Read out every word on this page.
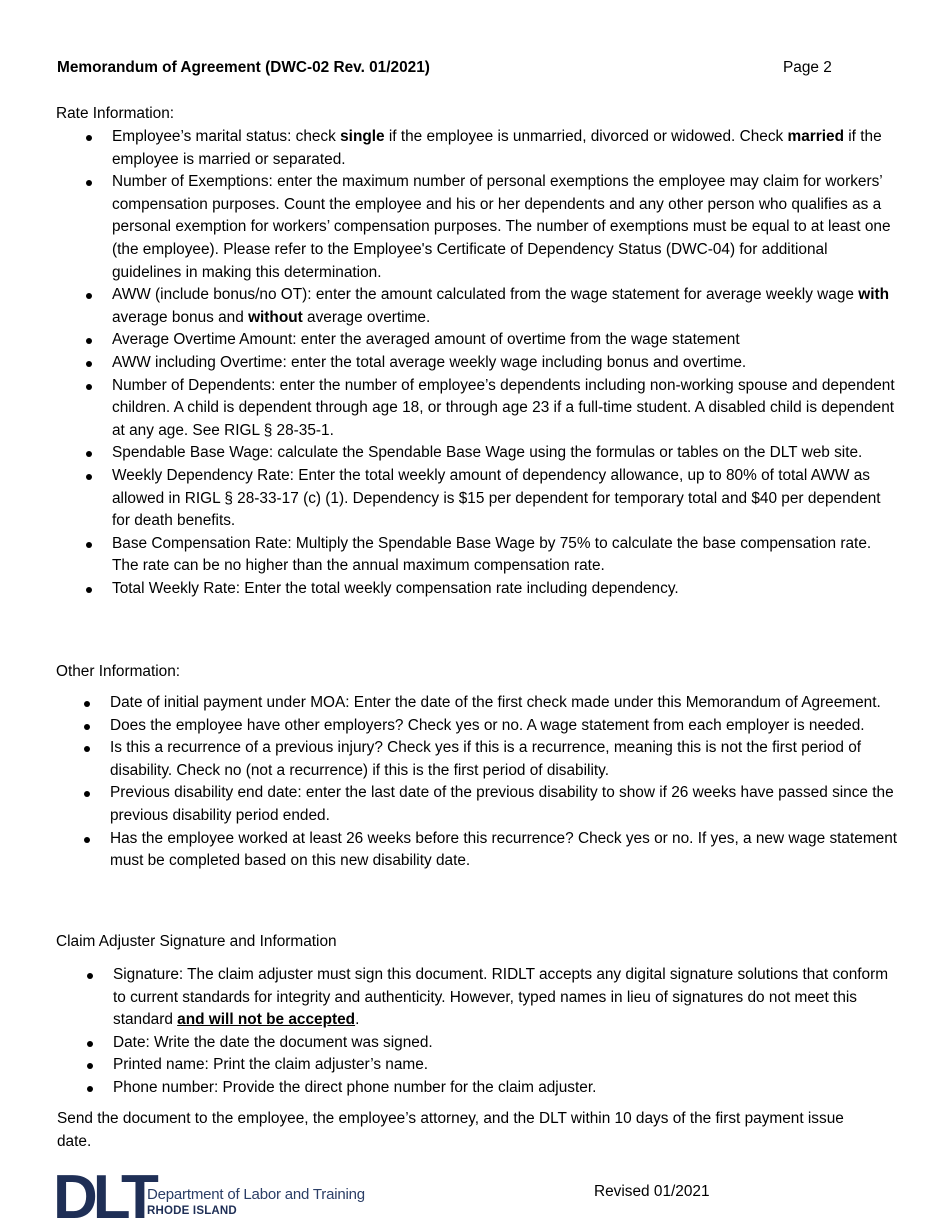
Memorandum of Agreement (DWC-02 Rev. 01/2021)	Page 2
Rate Information:
Employee’s marital status: check single if the employee is unmarried, divorced or widowed. Check married if the employee is married or separated.
Number of Exemptions: enter the maximum number of personal exemptions the employee may claim for workers’ compensation purposes. Count the employee and his or her dependents and any other person who qualifies as a personal exemption for workers’ compensation purposes. The number of exemptions must be equal to at least one (the employee). Please refer to the Employee's Certificate of Dependency Status (DWC-04) for additional guidelines in making this determination.
AWW (include bonus/no OT): enter the amount calculated from the wage statement for average weekly wage with average bonus and without average overtime.
Average Overtime Amount: enter the averaged amount of overtime from the wage statement
AWW including Overtime: enter the total average weekly wage including bonus and overtime.
Number of Dependents: enter the number of employee’s dependents including non-working spouse and dependent children. A child is dependent through age 18, or through age 23 if a full-time student. A disabled child is dependent at any age. See RIGL § 28-35-1.
Spendable Base Wage: calculate the Spendable Base Wage using the formulas or tables on the DLT web site.
Weekly Dependency Rate: Enter the total weekly amount of dependency allowance, up to 80% of total AWW as allowed in RIGL § 28-33-17 (c) (1). Dependency is $15 per dependent for temporary total and $40 per dependent for death benefits.
Base Compensation Rate: Multiply the Spendable Base Wage by 75% to calculate the base compensation rate. The rate can be no higher than the annual maximum compensation rate.
Total Weekly Rate: Enter the total weekly compensation rate including dependency.
Other Information:
Date of initial payment under MOA: Enter the date of the first check made under this Memorandum of Agreement.
Does the employee have other employers? Check yes or no. A wage statement from each employer is needed.
Is this a recurrence of a previous injury? Check yes if this is a recurrence, meaning this is not the first period of disability. Check no (not a recurrence) if this is the first period of disability.
Previous disability end date: enter the last date of the previous disability to show if 26 weeks have passed since the previous disability period ended.
Has the employee worked at least 26 weeks before this recurrence? Check yes or no. If yes, a new wage statement must be completed based on this new disability date.
Claim Adjuster Signature and Information
Signature: The claim adjuster must sign this document. RIDLT accepts any digital signature solutions that conform to current standards for integrity and authenticity. However, typed names in lieu of signatures do not meet this standard and will not be accepted.
Date: Write the date the document was signed.
Printed name: Print the claim adjuster’s name.
Phone number: Provide the direct phone number for the claim adjuster.
Send the document to the employee, the employee’s attorney, and the DLT within 10 days of the first payment issue date.
DLT
Department of Labor and Training
RHODE ISLAND
Revised 01/2021
